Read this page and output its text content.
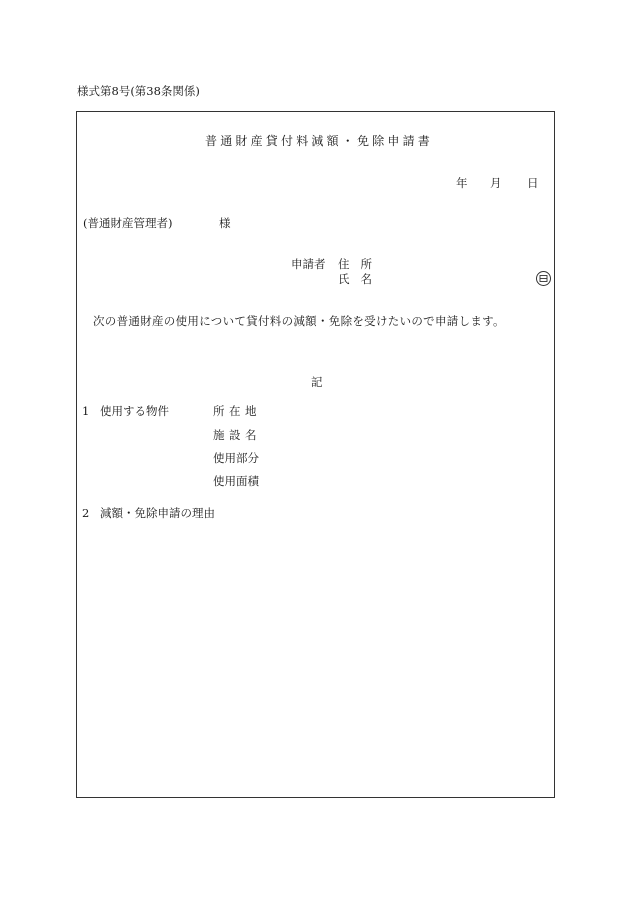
様式第8号(第38条関係)
普通財産貸付料減額・免除申請書
年 月 日
(普通財産管理者)	様
申請者 住所
氏名
次の普通財産の使用について貸付料の減額・免除を受けたいので申請します。
記
1 使用する物件	所在地
施設名
使用部分
使用面積
2 減額・免除申請の理由
